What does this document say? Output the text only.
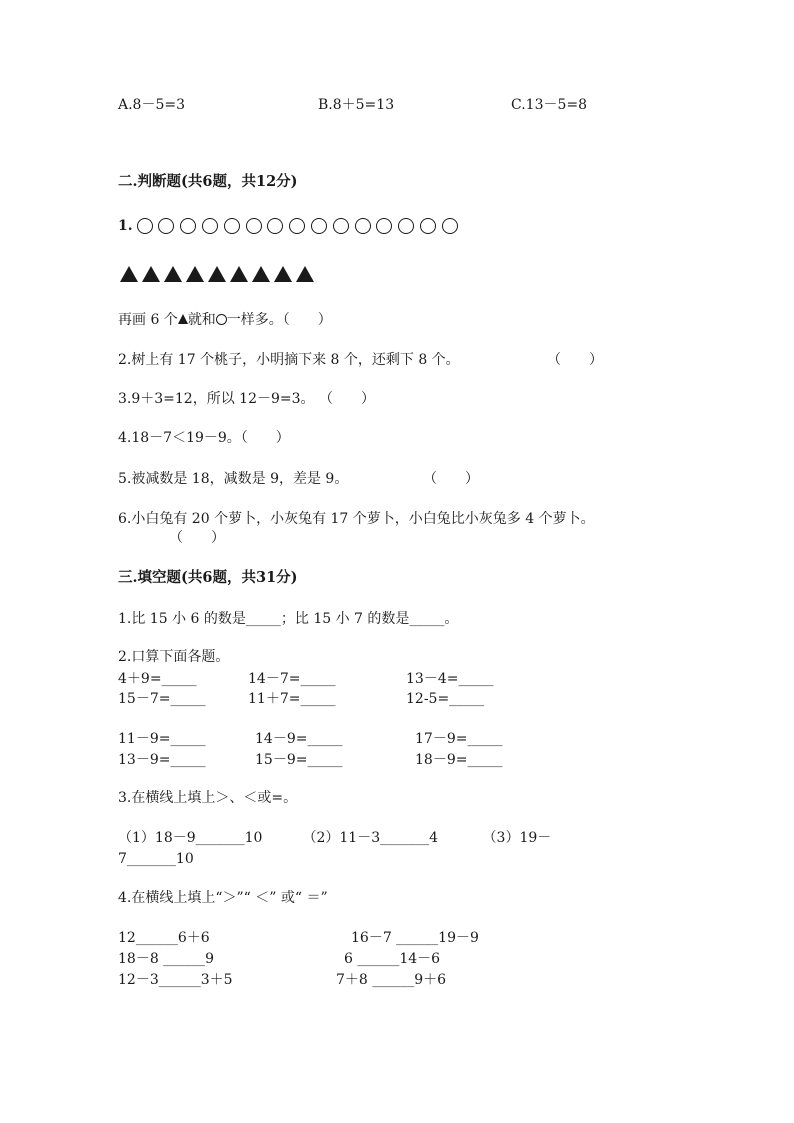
A.8－5=3	B.8＋5=13	C.13－5=8
二.判断题(共6题，共12分)
1.
再画 6 个 就和 一样多。（　　）
2.树上有 17 个桃子，小明摘下来 8 个，还剩下 8 个。	（　　）
3.9＋3=12，所以 12－9=3。 （　　）
4.18－7＜19－9。（　　）
5.被减数是 18，减数是 9，差是 9。	（　　）
6.小白兔有 20 个萝卜，小灰兔有 17 个萝卜，小白兔比小灰兔多 4 个萝卜。
（　　）
三.填空题(共6题，共31分)
1.比 15 小 6 的数是_____；比 15 小 7 的数是_____。
2.口算下面各题。
4＋9=_____	14－7=_____	13－4=_____
15－7=_____	11＋7=_____	12-5=_____
11－9=_____	14－9=_____	17－9=_____
13－9=_____	15－9=_____	18－9=_____
3.在横线上填上＞、＜或=。
（1）18－9_______10         （2）11－3_______4          （3）19－
7_______10
4.在横线上填上“＞”“ ＜” 或“ ＝”
12______6＋6	16－7 ______19－9
18－8 ______9	6 ______14－6
12－3______3＋5	7＋8 ______9＋6
